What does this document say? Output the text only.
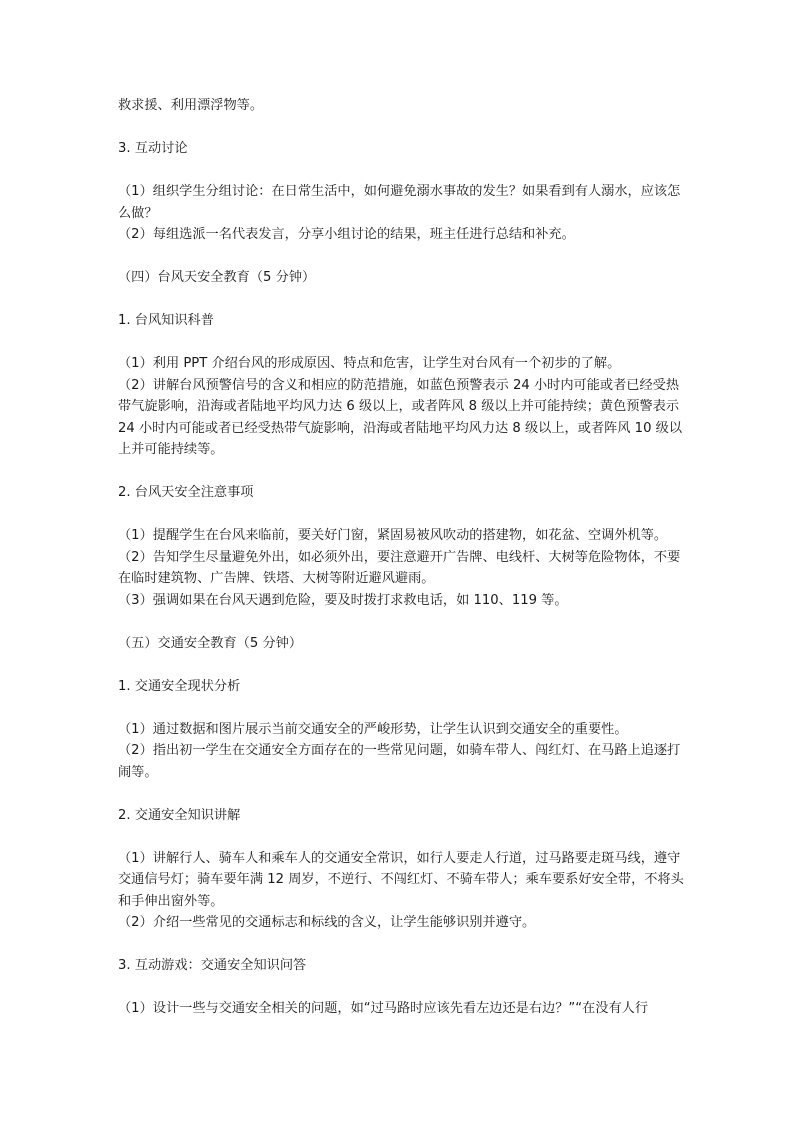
救求援、利用漂浮物等。

3. 互动讨论

（1）组织学生分组讨论：在日常生活中，如何避免溺水事故的发生？如果看到有人溺水，应该怎么做？

（2）每组选派一名代表发言，分享小组讨论的结果，班主任进行总结和补充。

（四）台风天安全教育（5 分钟）

1. 台风知识科普

（1）利用 PPT 介绍台风的形成原因、特点和危害，让学生对台风有一个初步的了解。

（2）讲解台风预警信号的含义和相应的防范措施，如蓝色预警表示 24 小时内可能或者已经受热带气旋影响，沿海或者陆地平均风力达 6 级以上，或者阵风 8 级以上并可能持续；黄色预警表示 24 小时内可能或者已经受热带气旋影响，沿海或者陆地平均风力达 8 级以上，或者阵风 10 级以上并可能持续等。

2. 台风天安全注意事项

（1）提醒学生在台风来临前，要关好门窗，紧固易被风吹动的搭建物，如花盆、空调外机等。

（2）告知学生尽量避免外出，如必须外出，要注意避开广告牌、电线杆、大树等危险物体，不要在临时建筑物、广告牌、铁塔、大树等附近避风避雨。

（3）强调如果在台风天遇到危险，要及时拨打求救电话，如 110、119 等。

（五）交通安全教育（5 分钟）

1. 交通安全现状分析

（1）通过数据和图片展示当前交通安全的严峻形势，让学生认识到交通安全的重要性。

（2）指出初一学生在交通安全方面存在的一些常见问题，如骑车带人、闯红灯、在马路上追逐打闹等。

2. 交通安全知识讲解

（1）讲解行人、骑车人和乘车人的交通安全常识，如行人要走人行道，过马路要走斑马线，遵守交通信号灯；骑车要年满 12 周岁，不逆行、不闯红灯、不骑车带人；乘车要系好安全带，不将头和手伸出窗外等。

（2）介绍一些常见的交通标志和标线的含义，让学生能够识别并遵守。

3. 互动游戏：交通安全知识问答

（1）设计一些与交通安全相关的问题，如“过马路时应该先看左边还是右边？”“在没有人行
